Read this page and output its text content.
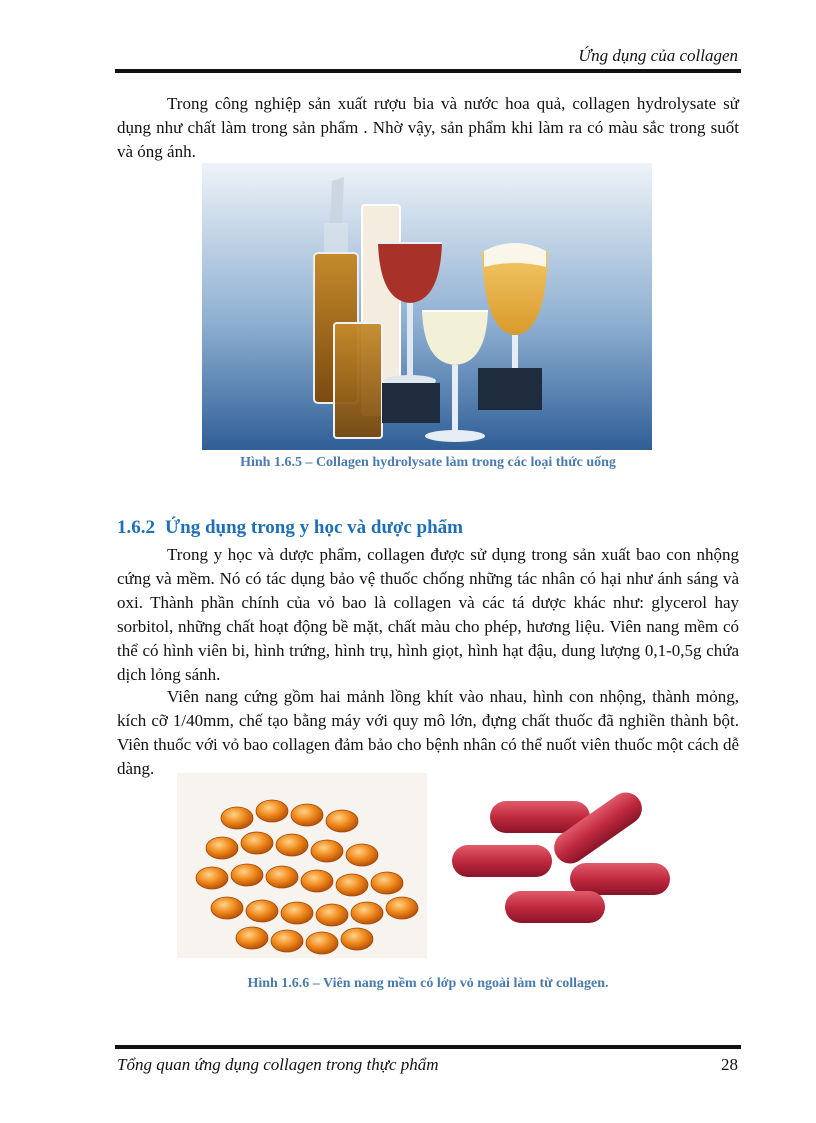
Ứng dụng của collagen

Trong công nghiệp sản xuất rượu bia và nước hoa quả, collagen hydrolysate sử dụng như chất làm trong sản phẩm . Nhờ vậy, sản phẩm khi làm ra có màu sắc trong suốt và óng ánh.

Hình 1.6.5 – Collagen hydrolysate làm trong các loại thức uống
1.6.2 Ứng dụng trong y học và dược phẩm

Trong y học và dược phẩm, collagen được sử dụng trong sản xuất bao con nhộng cứng và mềm. Nó có tác dụng bảo vệ thuốc chống những tác nhân có hại như ánh sáng và oxi. Thành phần chính của vỏ bao là collagen và các tá dược khác như: glycerol hay sorbitol, những chất hoạt động bề mặt, chất màu cho phép, hương liệu. Viên nang mềm có thể có hình viên bi, hình trứng, hình trụ, hình giọt, hình hạt đậu, dung lượng 0,1-0,5g chứa dịch lỏng sánh.

Viên nang cứng gồm hai mảnh lồng khít vào nhau, hình con nhộng, thành mỏng, kích cỡ 1/40mm, chế tạo bằng máy với quy mô lớn, đựng chất thuốc đã nghiền thành bột. Viên thuốc với vỏ bao collagen đảm bảo cho bệnh nhân có thể nuốt viên thuốc một cách dễ dàng.

Hình 1.6.6 – Viên nang mềm có lớp vỏ ngoài làm từ collagen.
Tổng quan ứng dụng collagen trong thực phẩm	28
